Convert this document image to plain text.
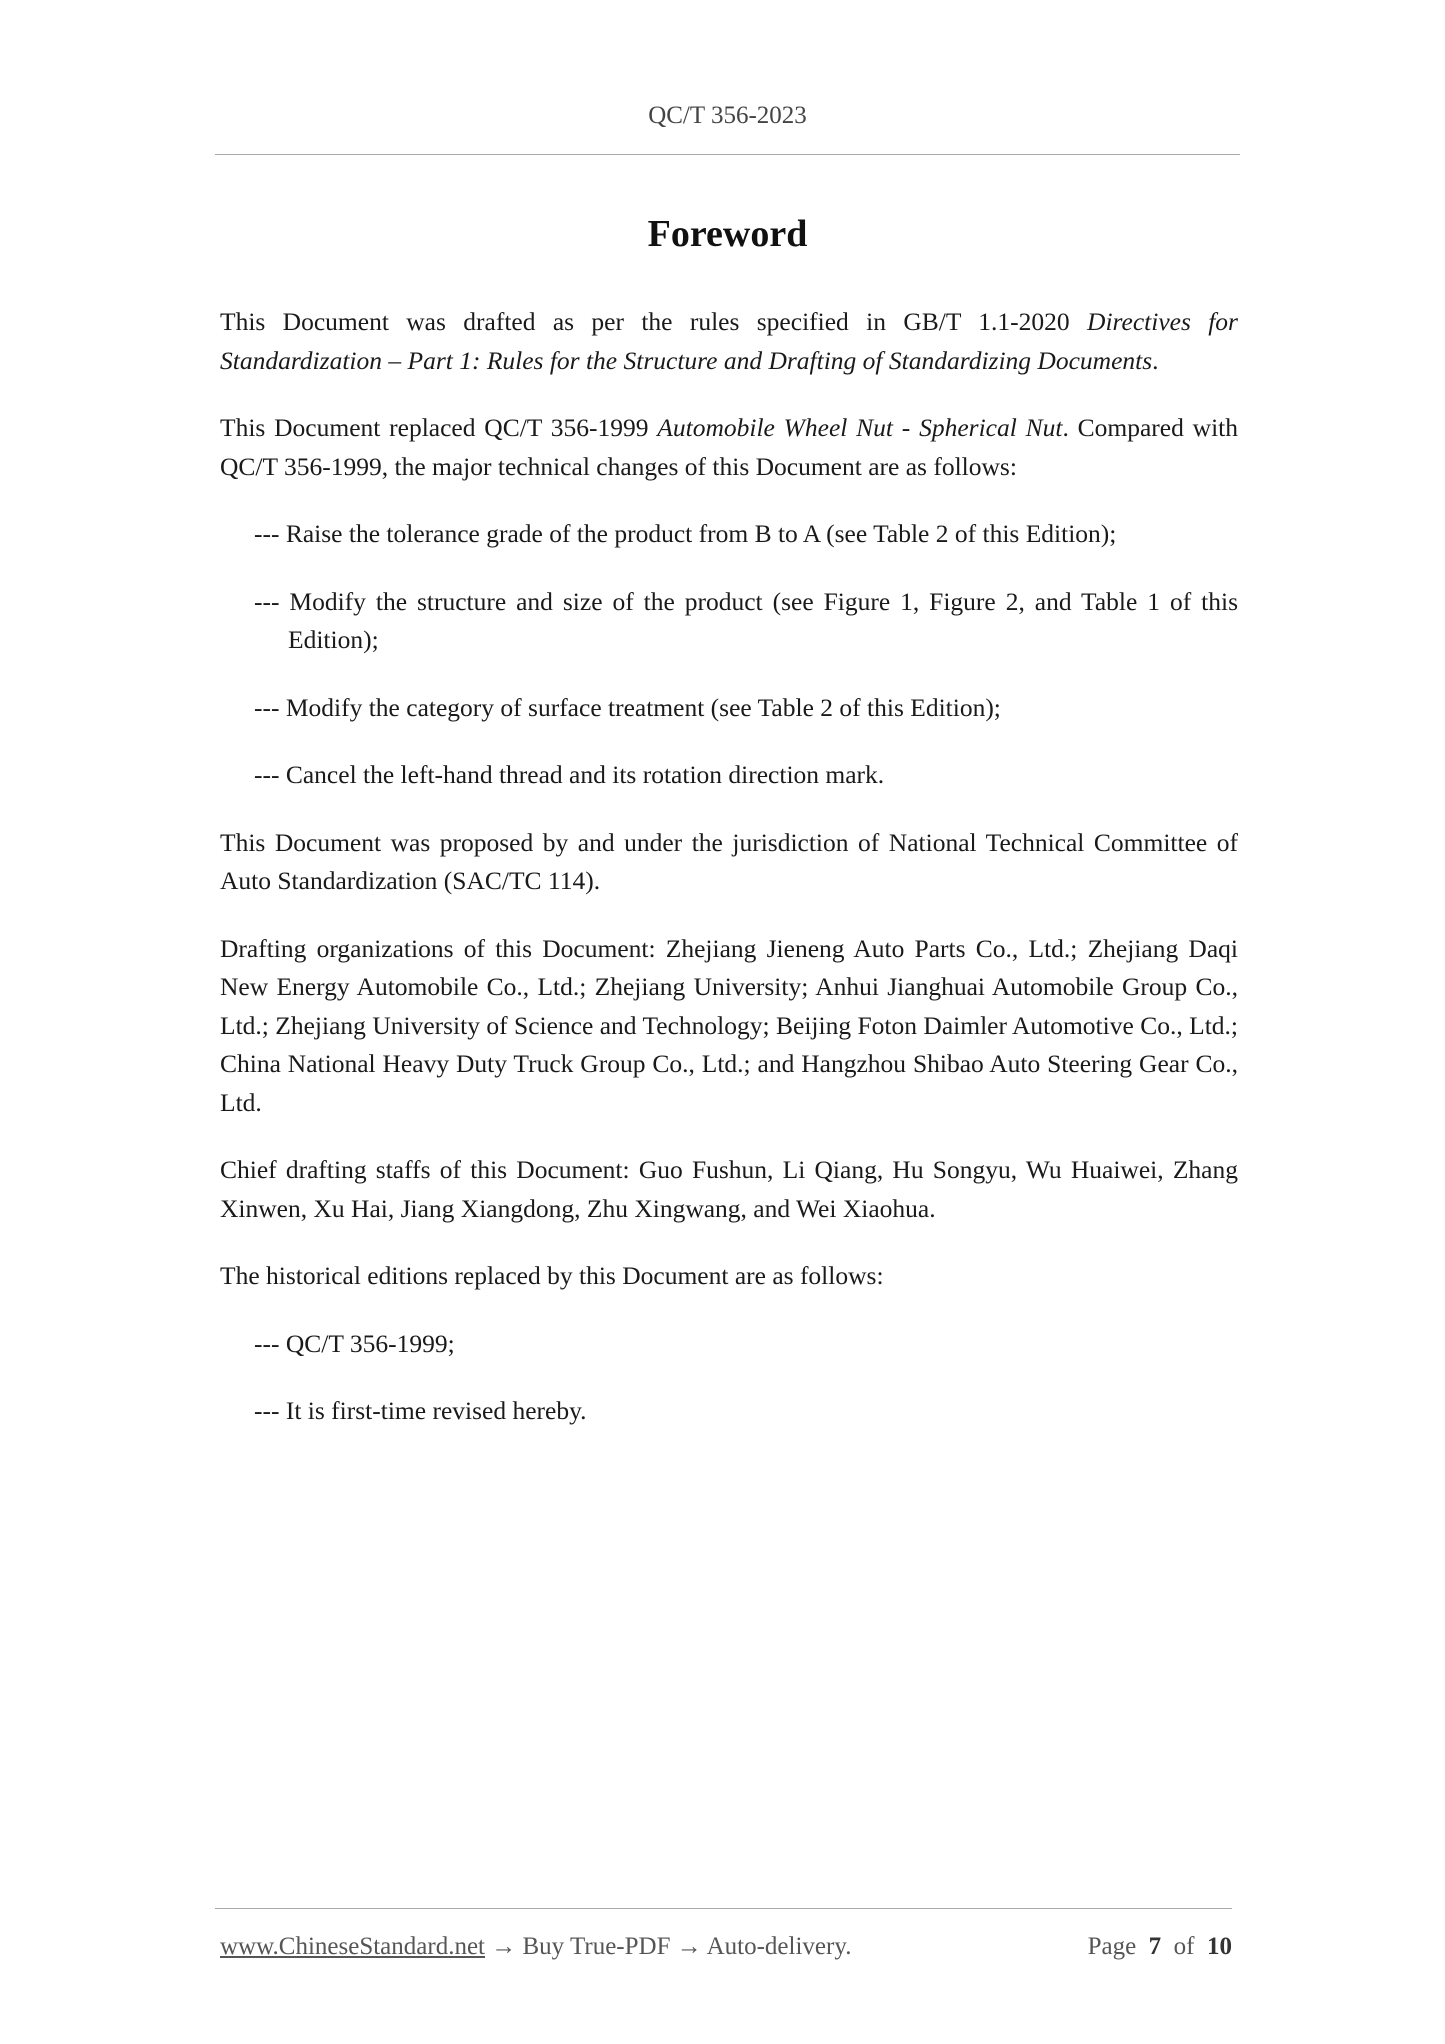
QC/T 356-2023
Foreword

This Document was drafted as per the rules specified in GB/T 1.1-2020 Directives for Standardization – Part 1: Rules for the Structure and Drafting of Standardizing Documents.

This Document replaced QC/T 356-1999 Automobile Wheel Nut - Spherical Nut. Compared with QC/T 356-1999, the major technical changes of this Document are as follows:

--- Raise the tolerance grade of the product from B to A (see Table 2 of this Edition);

--- Modify the structure and size of the product (see Figure 1, Figure 2, and Table 1 of this Edition);

--- Modify the category of surface treatment (see Table 2 of this Edition);

--- Cancel the left-hand thread and its rotation direction mark.

This Document was proposed by and under the jurisdiction of National Technical Committee of Auto Standardization (SAC/TC 114).

Drafting organizations of this Document: Zhejiang Jieneng Auto Parts Co., Ltd.; Zhejiang Daqi New Energy Automobile Co., Ltd.; Zhejiang University; Anhui Jianghuai Automobile Group Co., Ltd.; Zhejiang University of Science and Technology; Beijing Foton Daimler Automotive Co., Ltd.; China National Heavy Duty Truck Group Co., Ltd.; and Hangzhou Shibao Auto Steering Gear Co., Ltd.

Chief drafting staffs of this Document: Guo Fushun, Li Qiang, Hu Songyu, Wu Huaiwei, Zhang Xinwen, Xu Hai, Jiang Xiangdong, Zhu Xingwang, and Wei Xiaohua.

The historical editions replaced by this Document are as follows:

--- QC/T 356-1999;

--- It is first-time revised hereby.

www.ChineseStandard.net → Buy True-PDF → Auto-delivery.	Page 7 of 10
